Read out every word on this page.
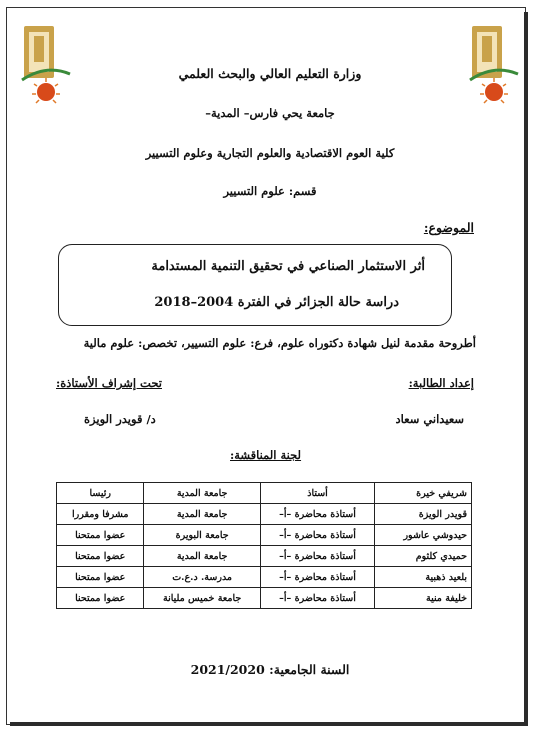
وزارة التعليم العالي والبحث العلمي
جامعة يحي فارس– المدية–
كلية العوم الاقتصادية والعلوم التجارية وعلوم التسيير
قسم: علوم التسيير
الموضوع:
أثر الاستثمار الصناعي في تحقيق التنمية المستدامة
دراسة حالة الجزائر في الفترة 2004–2018
أطروحة مقدمة لنيل شهادة دكتوراه علوم، فرع: علوم التسيير، تخصص: علوم مالية
إعداد الطالبة:
تحت إشراف الأستاذة:
سعيداني سعاد
د/ قويدر الويزة
لجنة المناقشة:
شريفي خيرة	أستاذ	جامعة المدية	رئيسا
قويدر الويزة	أستاذة محاضرة –أ–	جامعة المدية	مشرفا ومقررا
حيدوشي عاشور	أستاذة محاضرة –أ–	جامعة البويرة	عضوا ممتحنا
حميدي كلثوم	أستاذة محاضرة –أ–	جامعة المدية	عضوا ممتحنا
بلعيد ذهبية	أستاذة محاضرة –أ–	مدرسة. د.ع.ت	عضوا ممتحنا
خليفة منية	أستاذة محاضرة –أ–	جامعة خميس مليانة	عضوا ممتحنا
السنة الجامعية: 2021/2020
